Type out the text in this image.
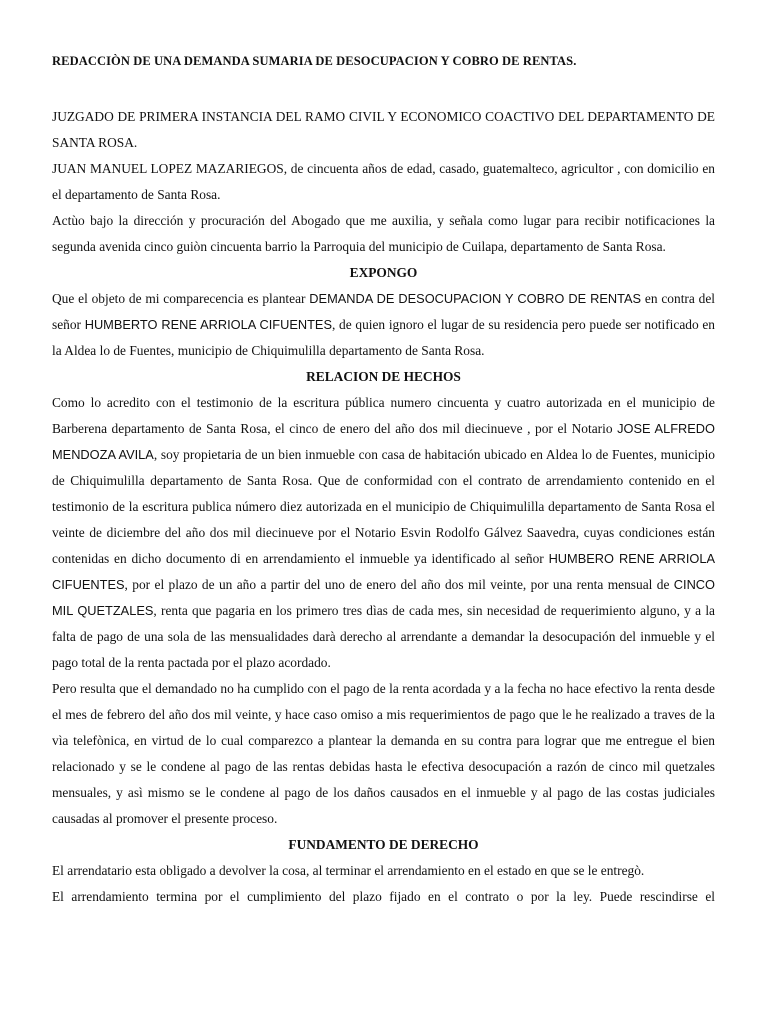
REDACCIÒN DE UNA DEMANDA SUMARIA DE DESOCUPACION Y COBRO DE RENTAS.

JUZGADO DE PRIMERA INSTANCIA DEL RAMO CIVIL Y ECONOMICO COACTIVO DEL DEPARTAMENTO DE SANTA ROSA.

JUAN MANUEL LOPEZ MAZARIEGOS, de cincuenta años de edad, casado, guatemalteco, agricultor , con domicilio en el departamento de Santa Rosa.

Actùo bajo la dirección y procuración del Abogado que me auxilia, y señala como lugar para recibir notificaciones la segunda avenida cinco guiòn cincuenta barrio la Parroquia del municipio de Cuilapa, departamento de Santa Rosa.

EXPONGO

Que el objeto de mi comparecencia es plantear DEMANDA DE DESOCUPACION Y COBRO DE RENTAS en contra del señor HUMBERTO RENE ARRIOLA CIFUENTES, de quien ignoro el lugar de su residencia pero puede ser notificado en la Aldea lo de Fuentes, municipio de Chiquimulilla departamento de Santa Rosa.

RELACION DE HECHOS

Como lo acredito con el testimonio de la escritura pública numero cincuenta y cuatro autorizada en el municipio de Barberena departamento de Santa Rosa, el cinco de enero del año dos mil diecinueve , por el Notario JOSE ALFREDO MENDOZA AVILA, soy propietaria de un bien inmueble con casa de habitación ubicado en Aldea lo de Fuentes, municipio de Chiquimulilla departamento de Santa Rosa. Que de conformidad con el contrato de arrendamiento contenido en el testimonio de la escritura publica número diez autorizada en el municipio de Chiquimulilla departamento de Santa Rosa el veinte de diciembre del año dos mil diecinueve por el Notario Esvin Rodolfo Gálvez Saavedra, cuyas condiciones están contenidas en dicho documento di en arrendamiento el inmueble ya identificado al señor HUMBERO RENE ARRIOLA CIFUENTES, por el plazo de un año a partir del uno de enero del año dos mil veinte, por una renta mensual de CINCO MIL QUETZALES, renta que pagaria en los primero tres dìas de cada mes, sin necesidad de requerimiento alguno, y a la falta de pago de una sola de las mensualidades darà derecho al arrendante a demandar la desocupación del inmueble y el pago total de la renta pactada por el plazo acordado.

Pero resulta que el demandado no ha cumplido con el pago de la renta acordada y a la fecha no hace efectivo la renta desde el mes de febrero del año dos mil veinte, y hace caso omiso a mis requerimientos de pago que le he realizado a traves de la vìa telefònica, en virtud de lo cual comparezco a plantear la demanda en su contra para lograr que me entregue el bien relacionado y se le condene al pago de las rentas debidas hasta le efectiva desocupación a razón de cinco mil quetzales mensuales, y asì mismo se le condene al pago de los daños causados en el inmueble y al pago de las costas judiciales causadas al promover el presente proceso.

FUNDAMENTO DE DERECHO

El arrendatario esta obligado a devolver la cosa, al terminar el arrendamiento en el estado en que se le entregò.

El arrendamiento termina por el cumplimiento del plazo fijado en el contrato o por la ley. Puede rescindirse el
